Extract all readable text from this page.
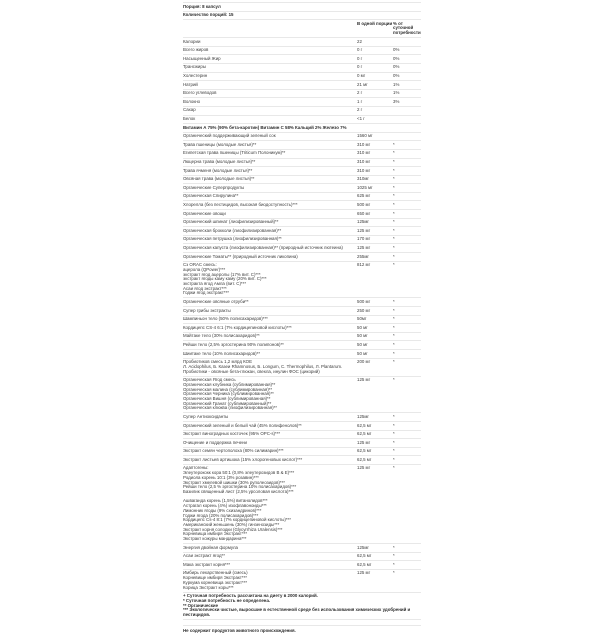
Порция: 8 капсул
Количество порций: 15
В одной порции % от суточной потребности
Калории	22
Всего жиров	0 г	0%
Насыщенный Жир	0 г	0%
Трансжиры	0 г	0%
Холестерин	0 мг	0%
Натрий	21 мг	1%
Всего углеводов	2 г	1%
Волокно	1 г	3%
Сахар	2 г
Белок	<1 г
Витамин А 75% (90% бета-каротин) Витамин С 58% Кальций 2% Железо 7%
Органический поддерживающий зеленый сок	1560 мг
Трава пшеницы (молодые листья)**	310 мг	*
Египетская трава пшеницы (Triticum Полоникум)**	310 мг	*
Люцерна трава (молодые листья)**	310 мг	*
Трава ячменя (молодые листья)**	310 мг	*
Овсяная трава (молодые листья)**	310мг	*
Органические Суперпродукты	1025 мг	*
Органическая Спирулина**	625 мг	*
Хлорелла (без пестицидов, высокая биодоступность)***	500 мг	*
Органические овощи	650 мг	*
Органический шпинат (лиофилизированный)**	125мг	*
Органическая брокколи (лиофилизированная)**	125 мг	*
Органическая петрушка (лиофилизированная)**	170 мг	*
Органическая капуста (лиофилизированная)** (природный источник лютеина)	125 мг	*
Органические Томаты** (природный источник ликопина)	255мг	*
Сз ORAC смесь:
ацерола (QPower)***
экстракт ягод ацеролы (17% вит. С)***
экстракт ягоды каму каму (20% вит. С)***
экстракта ягод Амла (вит. С)***
Асаи ягод экстракт***
Годжи ягод экстракт***
812 мг	*
Органические овсяные отруби**	500 мг	*
Супер грибы экстракты	250 мг	*
Шампиньон тело (50% полисахаридов)***	50мг	*
Кордицепс CS-4 6:1 (7% кордицепиновой кислоты)***	50 мг	*
Майтаке тело (30% полисахаридов)**	50 мг	*
Рейши тело (2,5% эргостерина 90% полипонов)**	50 мг	*
Шиитаке тело (10% полисахаридов)**	50 мг	*
Пробиотиков смесь 1,2 млрд КОЕ
Л. Acidophilus, Б. Казеи Rhamnosus, Б. Longum, С. Thermophilus, Л. Plantarum.
Пробиотики - овсяные бета-глюкан, свекла, инулин ФОС (цикорий)
200 мг	*
Органическая Ягод смесь
Органическая клубника (сублимированная)**
Органическая малина (сублимированная)**
Органическая Черника (сублимированная)**
Органическая Вишня (сублимированная)**
Органический Гранат (сублимированный)**
Органическая клюква (лиофилизированная)**
125 мг	*
Супер Антиоксиданты	125мг	*
Органический зеленый и белый чай (45% полифенолов)**	62,5 мг	*
Экстракт виноградных косточек (95% OPC-s)***	62,5 мг	*
Очищение и поддержка печени	125 мг	*
Экстракт семян чертополоха (80% силимарин)***	62,5 мг	*
Экстракт листьев артишока (15% хлорогеновых кислот)***	62,5 мг	*
Адаптогены:
Элеутерококк кора 50:1 (0,8% элеутерозидов B & E)***
Родиола корень 10:1 (3% розавин)***
Экстракт хмелевой шишки (30% руполеозидов)***
Рейши тело (2,5 % эргостерина 10% полисахаридов)***
Базилик священный лист (2,5% урсоловая кислота)***

Ашваганда корень (1,5%) витанолидов***
Астрагал корень (4%) изофлавоноиды***
Лимонник ягоды (9% схизандринов)***
Годжи ягода (20% полисахаридов)***
Кордицепс Cs-4 8:1 (7% кордицепиновой кислоты)***
Американский женьшень (30%) гинзенозиды***
Экстракт корня солодки (Glycyrrhiza Uralensis)***
Корневища имбиря Экстракт***
Экстракт кожуры мандарина***
125 мг	*
Энергия двойная формула	125мг	*
Асаи экстракт ягод**	62,5 мг	*
Мака экстракт корня***	62,5 мг	*
Имбирь лекарственный (смесь)
Корневище имбиря Экстракт***
Куркума корневища экстракт***
Корица Экстракт коры***
125 мг	*
+ Суточная потребность рассчитана на диету в 2000 калорий.
* Суточная потребность не определена.
** Органические
*** Экологически чистые, выросшие в естественной среде без использования химических удобрений и пестицидов.
Не содержит продуктов животного происхождения.
